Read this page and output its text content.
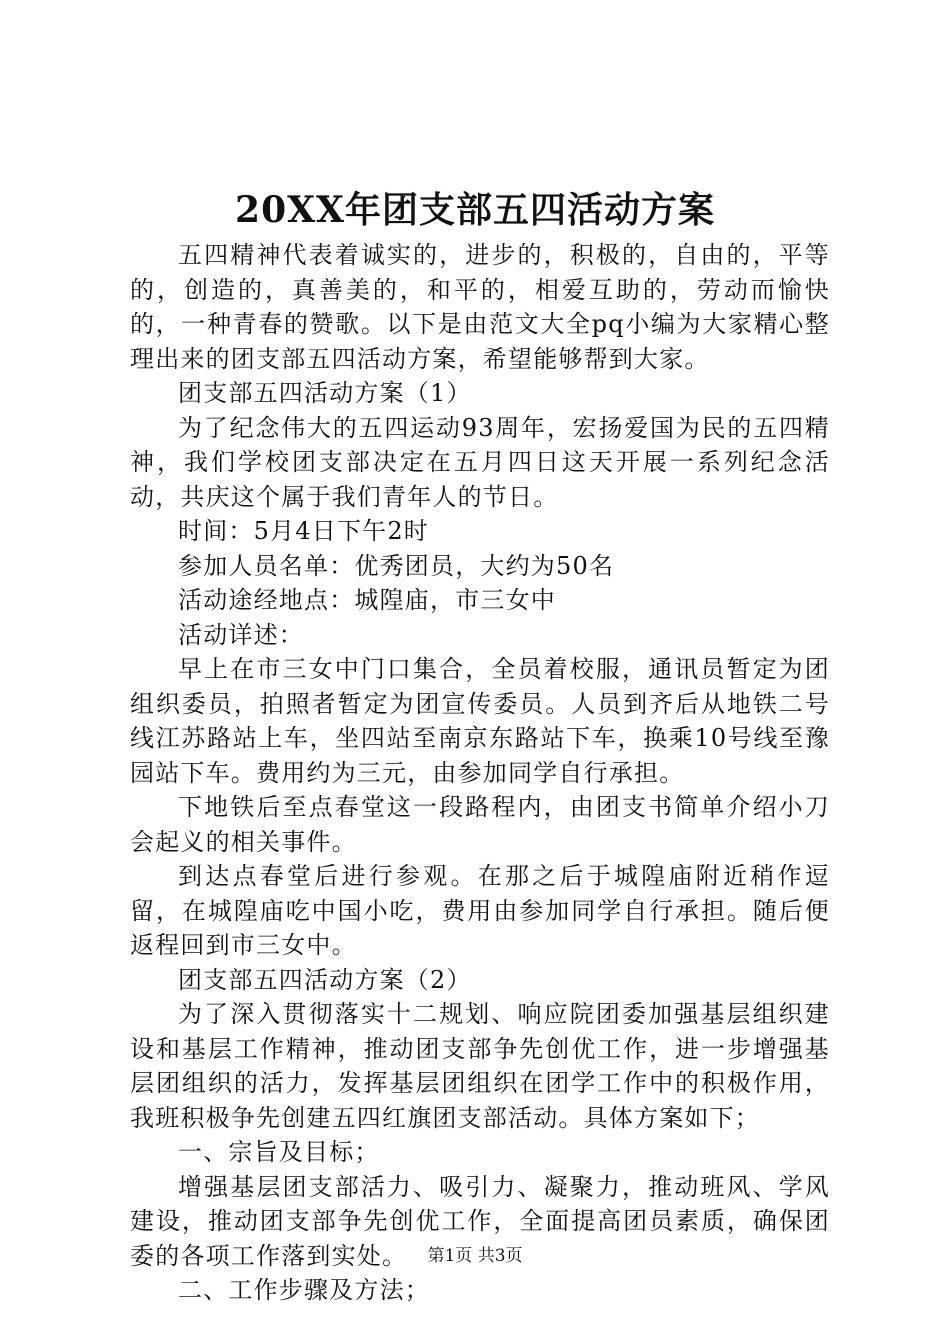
20XX年团支部五四活动方案

五四精神代表着诚实的，进步的，积极的，自由的，平等的，创造的，真善美的，和平的，相爱互助的，劳动而愉快的，一种青春的赞歌。以下是由范文大全pq小编为大家精心整理出来的团支部五四活动方案，希望能够帮到大家。

团支部五四活动方案（1）

为了纪念伟大的五四运动93周年，宏扬爱国为民的五四精神，我们学校团支部决定在五月四日这天开展一系列纪念活动，共庆这个属于我们青年人的节日。

时间：5月4日下午2时

参加人员名单：优秀团员，大约为50名

活动途经地点：城隍庙，市三女中

活动详述：

早上在市三女中门口集合，全员着校服，通讯员暂定为团组织委员，拍照者暂定为团宣传委员。人员到齐后从地铁二号线江苏路站上车，坐四站至南京东路站下车，换乘10号线至豫园站下车。费用约为三元，由参加同学自行承担。

下地铁后至点春堂这一段路程内，由团支书简单介绍小刀会起义的相关事件。

到达点春堂后进行参观。在那之后于城隍庙附近稍作逗留，在城隍庙吃中国小吃，费用由参加同学自行承担。随后便返程回到市三女中。

团支部五四活动方案（2）

为了深入贯彻落实十二规划、响应院团委加强基层组织建设和基层工作精神，推动团支部争先创优工作，进一步增强基层团组织的活力，发挥基层团组织在团学工作中的积极作用，我班积极争先创建五四红旗团支部活动。具体方案如下；

一、宗旨及目标；

增强基层团支部活力、吸引力、凝聚力，推动班风、学风建设，推动团支部争先创优工作，全面提高团员素质，确保团委的各项工作落到实处。

二、工作步骤及方法；

第1页 共3页
